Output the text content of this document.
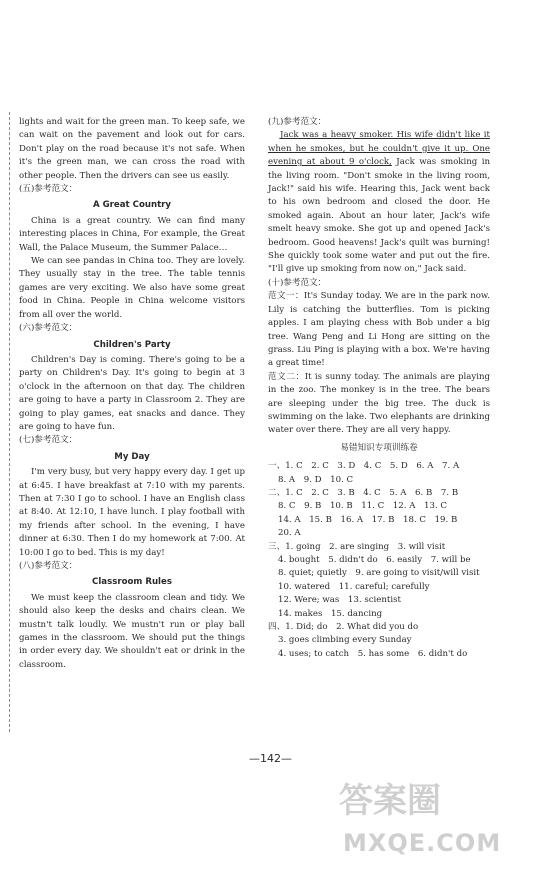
lights and wait for the green man. To keep safe, we can wait on the pavement and look out for cars. Don't play on the road because it's not safe. When it's the green man, we can cross the road with other people. Then the drivers can see us easily.

(五)参考范文：

A Great Country

China is a great country. We can find many interesting places in China, For example, the Great Wall, the Palace Museum, the Summer Palace…

We can see pandas in China too. They are lovely. They usually stay in the tree. The table tennis games are very exciting. We also have some great food in China. People in China welcome visitors from all over the world.

(六)参考范文：

Children's Party

Children's Day is coming. There's going to be a party on Children's Day. It's going to begin at 3 o'clock in the afternoon on that day. The children are going to have a party in Classroom 2. They are going to play games, eat snacks and dance. They are going to have fun.

(七)参考范文：

My Day

I'm very busy, but very happy every day. I get up at 6:45. I have breakfast at 7:10 with my parents. Then at 7:30 I go to school. I have an English class at 8:40. At 12:10, I have lunch. I play football with my friends after school. In the evening, I have dinner at 6:30. Then I do my homework at 7:00. At 10:00 I go to bed. This is my day!

(八)参考范文：

Classroom Rules

We must keep the classroom clean and tidy. We should also keep the desks and chairs clean. We mustn't talk loudly. We mustn't run or play ball games in the classroom. We should put the things in order every day. We shouldn't eat or drink in the classroom.

(九)参考范文：

Jack was a heavy smoker. His wife didn't like it when he smokes, but he couldn't give it up. One evening at about 9 o'clock, Jack was smoking in the living room. "Don't smoke in the living room, Jack!" said his wife. Hearing this, Jack went back to his own bedroom and closed the door. He smoked again. About an hour later, Jack's wife smelt heavy smoke. She got up and opened Jack's bedroom. Good heavens! Jack's quilt was burning! She quickly took some water and put out the fire. "I'll give up smoking from now on," Jack said.

(十)参考范文：

范文一：It's Sunday today. We are in the park now. Lily is catching the butterflies. Tom is picking apples. I am playing chess with Bob under a big tree. Wang Peng and Li Hong are sitting on the grass. Liu Ping is playing with a box. We're having a great time!

范文二：It is sunny today. The animals are playing in the zoo. The monkey is in the tree. The bears are sleeping under the big tree. The duck is swimming on the lake. Two elephants are drinking water over there. They are all very happy.

易错知识专项训练卷

一、1. C　2. C　3. D　4. C　5. D　6. A　7. A

8. A　9. D　10. C

二、1. C　2. C　3. B　4. C　5. A　6. B　7. B

8. C　9. B　10. B　11. C　12. A　13. C

14. A　15. B　16. A　17. B　18. C　19. B

20. A

三、1. going　2. are singing　3. will visit

4. bought　5. didn't do　6. easily　7. will be

8. quiet; quietly　9. are going to visit/will visit

10. watered　11. careful; carefully

12. Were; was　13. scientist

14. makes　15. dancing

四、1. Did; do　2. What did you do

3. goes climbing every Sunday

4. uses; to catch　5. has some　6. didn't do

—142—
答案圈
MXQE.COM
